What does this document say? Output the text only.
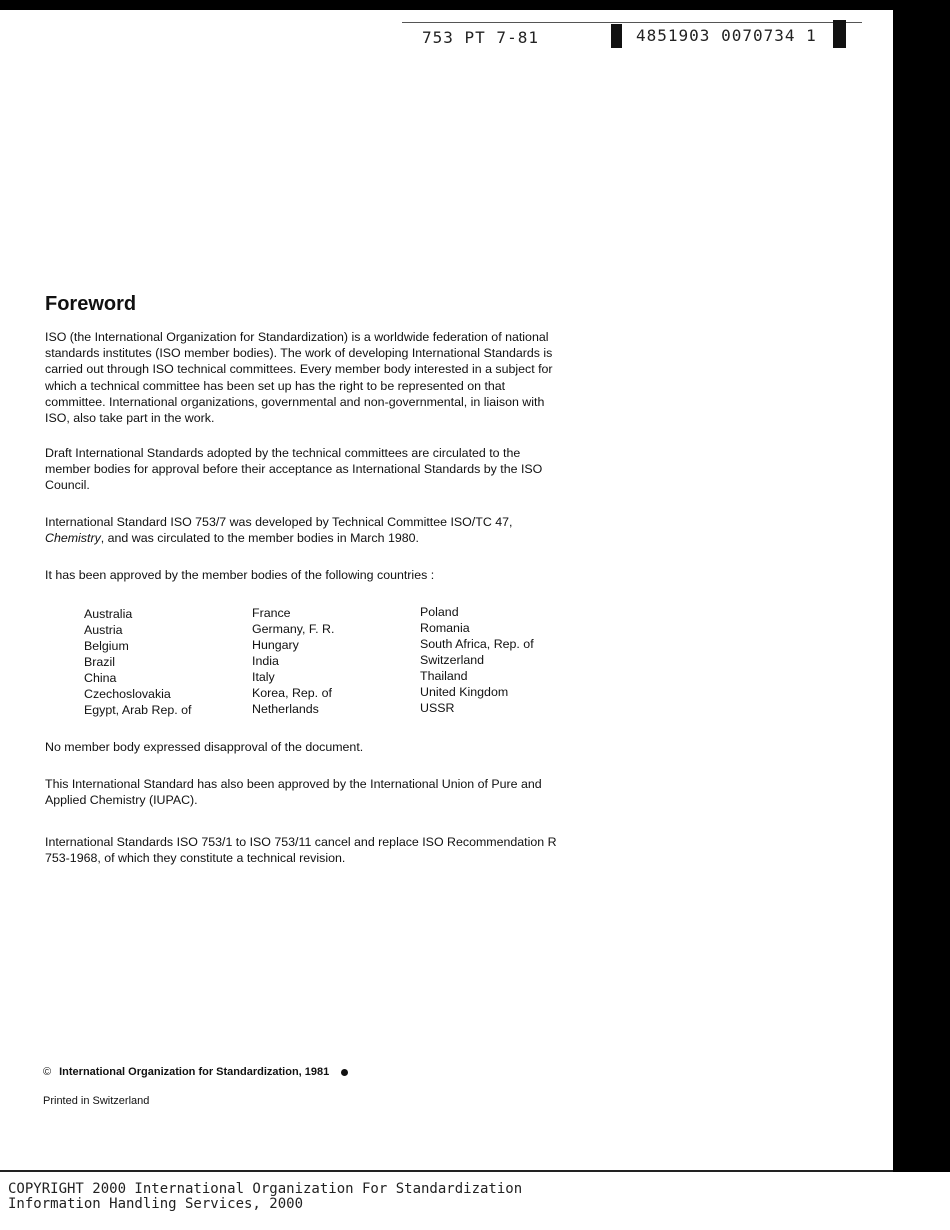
753 PT 7-81	4851903 0070734 1
Foreword

ISO (the International Organization for Standardization) is a worldwide federation of national standards institutes (ISO member bodies). The work of developing International Standards is carried out through ISO technical committees. Every member body interested in a subject for which a technical committee has been set up has the right to be represented on that committee. International organizations, governmental and non-governmental, in liaison with ISO, also take part in the work.

Draft International Standards adopted by the technical committees are circulated to the member bodies for approval before their acceptance as International Standards by the ISO Council.

International Standard ISO 753/7 was developed by Technical Committee ISO/TC 47, Chemistry, and was circulated to the member bodies in March 1980.

It has been approved by the member bodies of the following countries :

Australia
Austria
Belgium
Brazil
China
Czechoslovakia
Egypt, Arab Rep. of
France
Germany, F. R.
Hungary
India
Italy
Korea, Rep. of
Netherlands
Poland
Romania
South Africa, Rep. of
Switzerland
Thailand
United Kingdom
USSR

No member body expressed disapproval of the document.

This International Standard has also been approved by the International Union of Pure and Applied Chemistry (IUPAC).

International Standards ISO 753/1 to ISO 753/11 cancel and replace ISO Recommendation R 753-1968, of which they constitute a technical revision.

© International Organization for Standardization, 1981
Printed in Switzerland
COPYRIGHT 2000 International Organization For Standardization
Information Handling Services, 2000
